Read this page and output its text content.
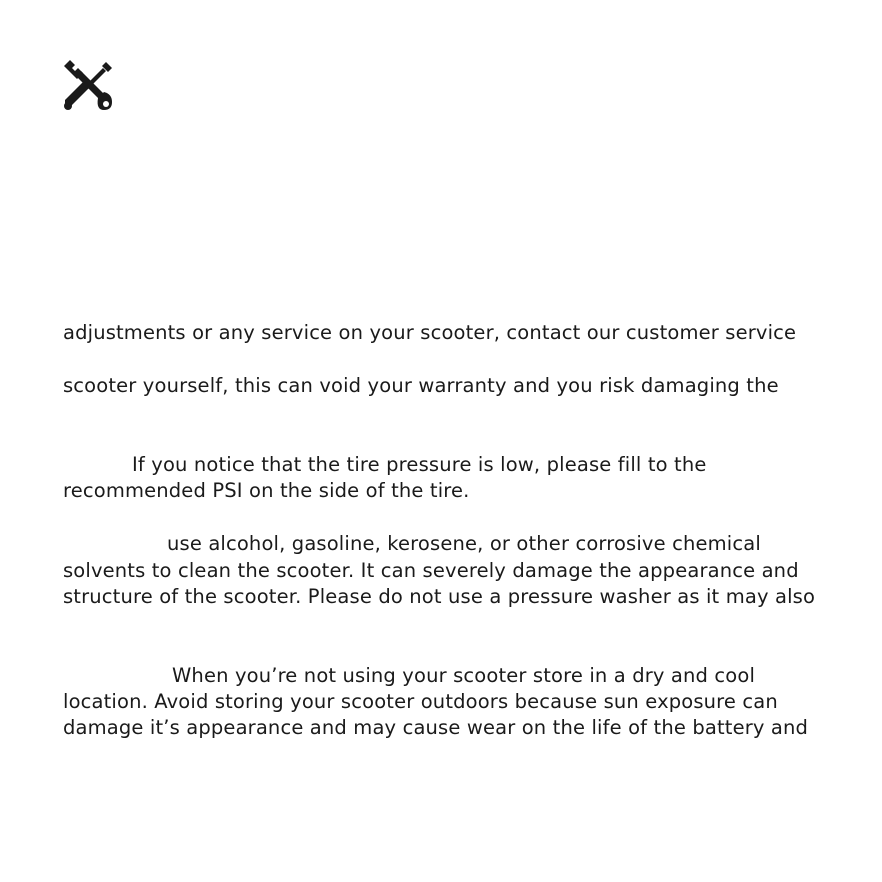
adjustments or any service on your scooter, contact our customer service
scooter yourself, this can void your warranty and you risk damaging the
If you notice that the tire pressure is low, please fill to the
recommended PSI on the side of the tire.
use alcohol, gasoline, kerosene, or other corrosive chemical
solvents to clean the scooter. It can severely damage the appearance and
structure of the scooter. Please do not use a pressure washer as it may also
When you’re not using your scooter store in a dry and cool
location. Avoid storing your scooter outdoors because sun exposure can
damage it’s appearance and may cause wear on the life of the battery and
